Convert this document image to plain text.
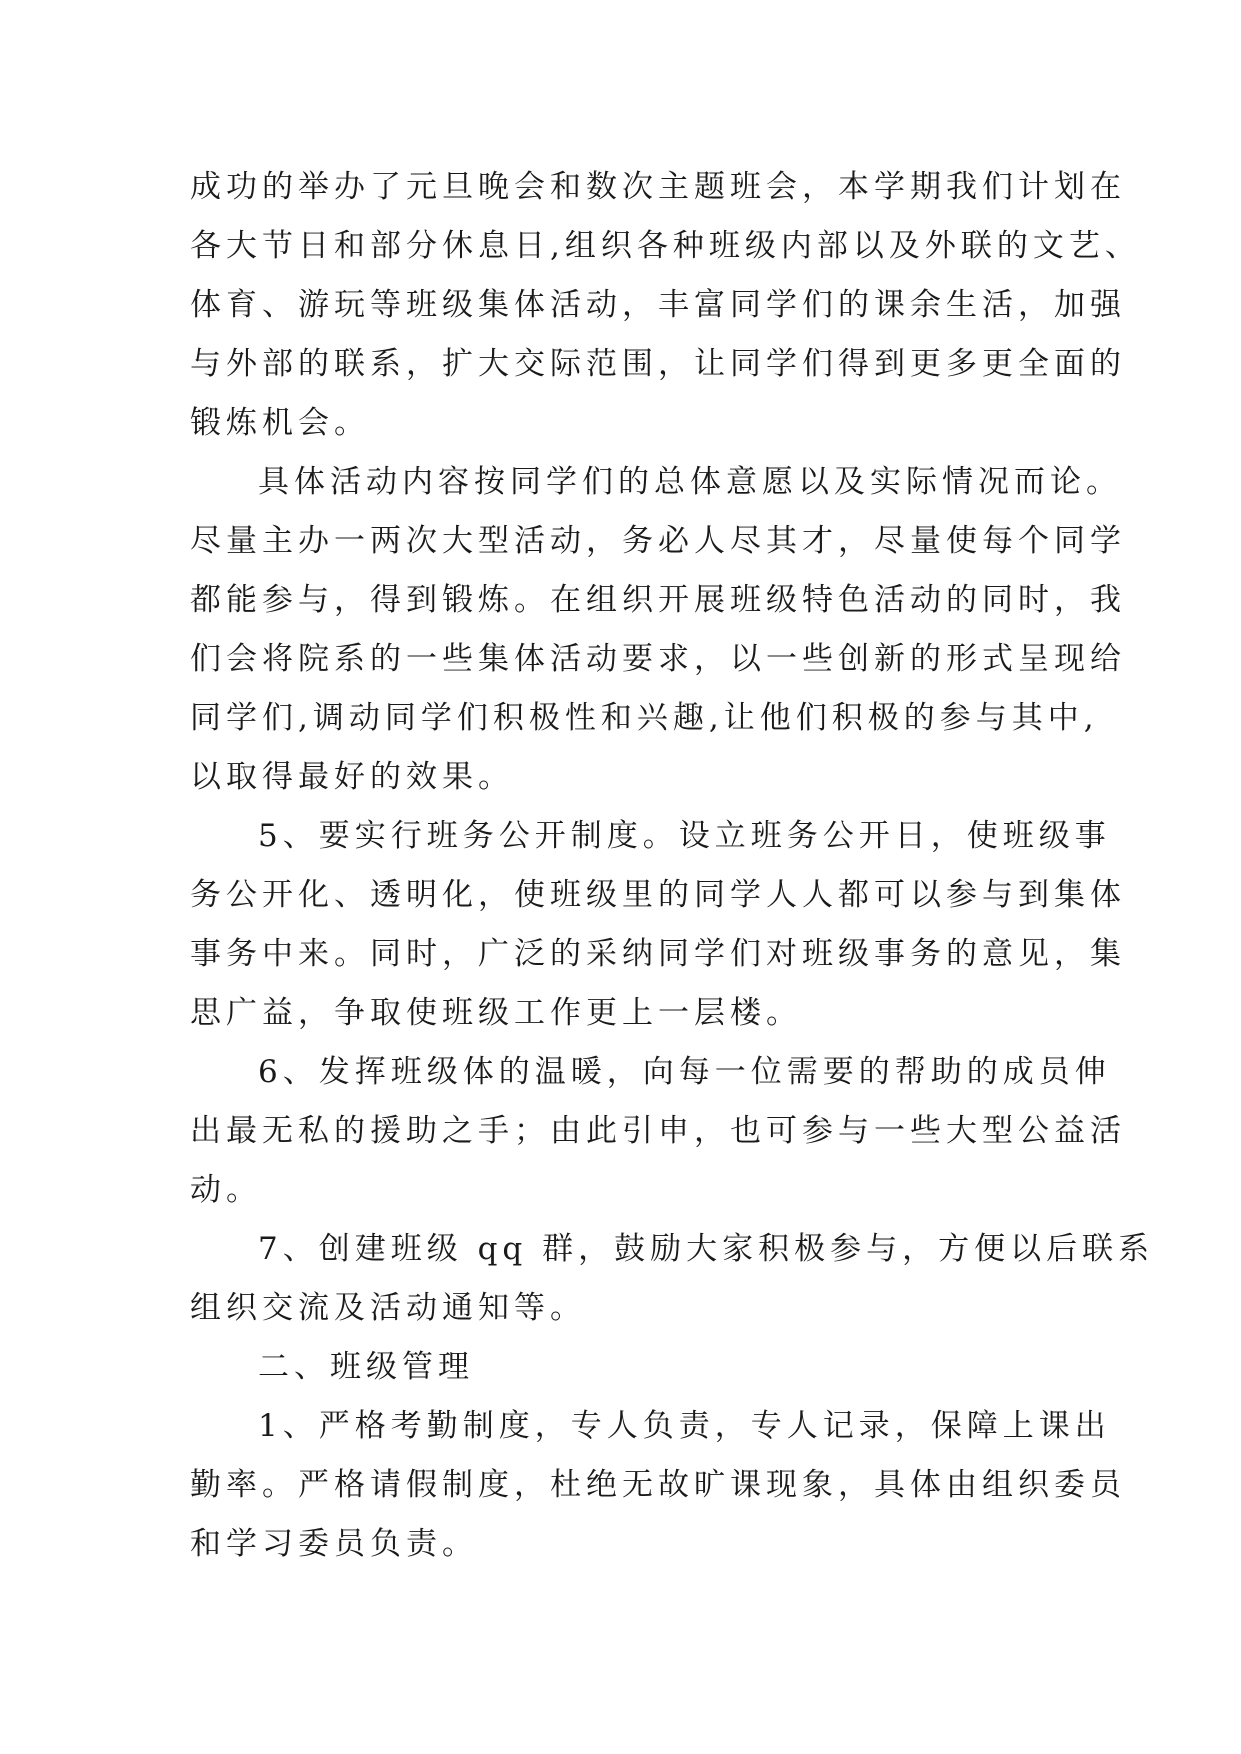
成功的举办了元旦晚会和数次主题班会，本学期我们计划在
各大节日和部分休息日,组织各种班级内部以及外联的文艺、
体育、游玩等班级集体活动，丰富同学们的课余生活，加强
与外部的联系，扩大交际范围，让同学们得到更多更全面的
锻炼机会。
具体活动内容按同学们的总体意愿以及实际情况而论。
尽量主办一两次大型活动，务必人尽其才，尽量使每个同学
都能参与，得到锻炼。在组织开展班级特色活动的同时，我
们会将院系的一些集体活动要求，以一些创新的形式呈现给
同学们,调动同学们积极性和兴趣,让他们积极的参与其中,
以取得最好的效果。
5、要实行班务公开制度。设立班务公开日，使班级事
务公开化、透明化，使班级里的同学人人都可以参与到集体
事务中来。同时，广泛的采纳同学们对班级事务的意见，集
思广益，争取使班级工作更上一层楼。
6、发挥班级体的温暖，向每一位需要的帮助的成员伸
出最无私的援助之手；由此引申，也可参与一些大型公益活
动。
7、创建班级 qq 群，鼓励大家积极参与，方便以后联系
组织交流及活动通知等。
二、班级管理
1、严格考勤制度，专人负责，专人记录，保障上课出
勤率。严格请假制度，杜绝无故旷课现象，具体由组织委员
和学习委员负责。
